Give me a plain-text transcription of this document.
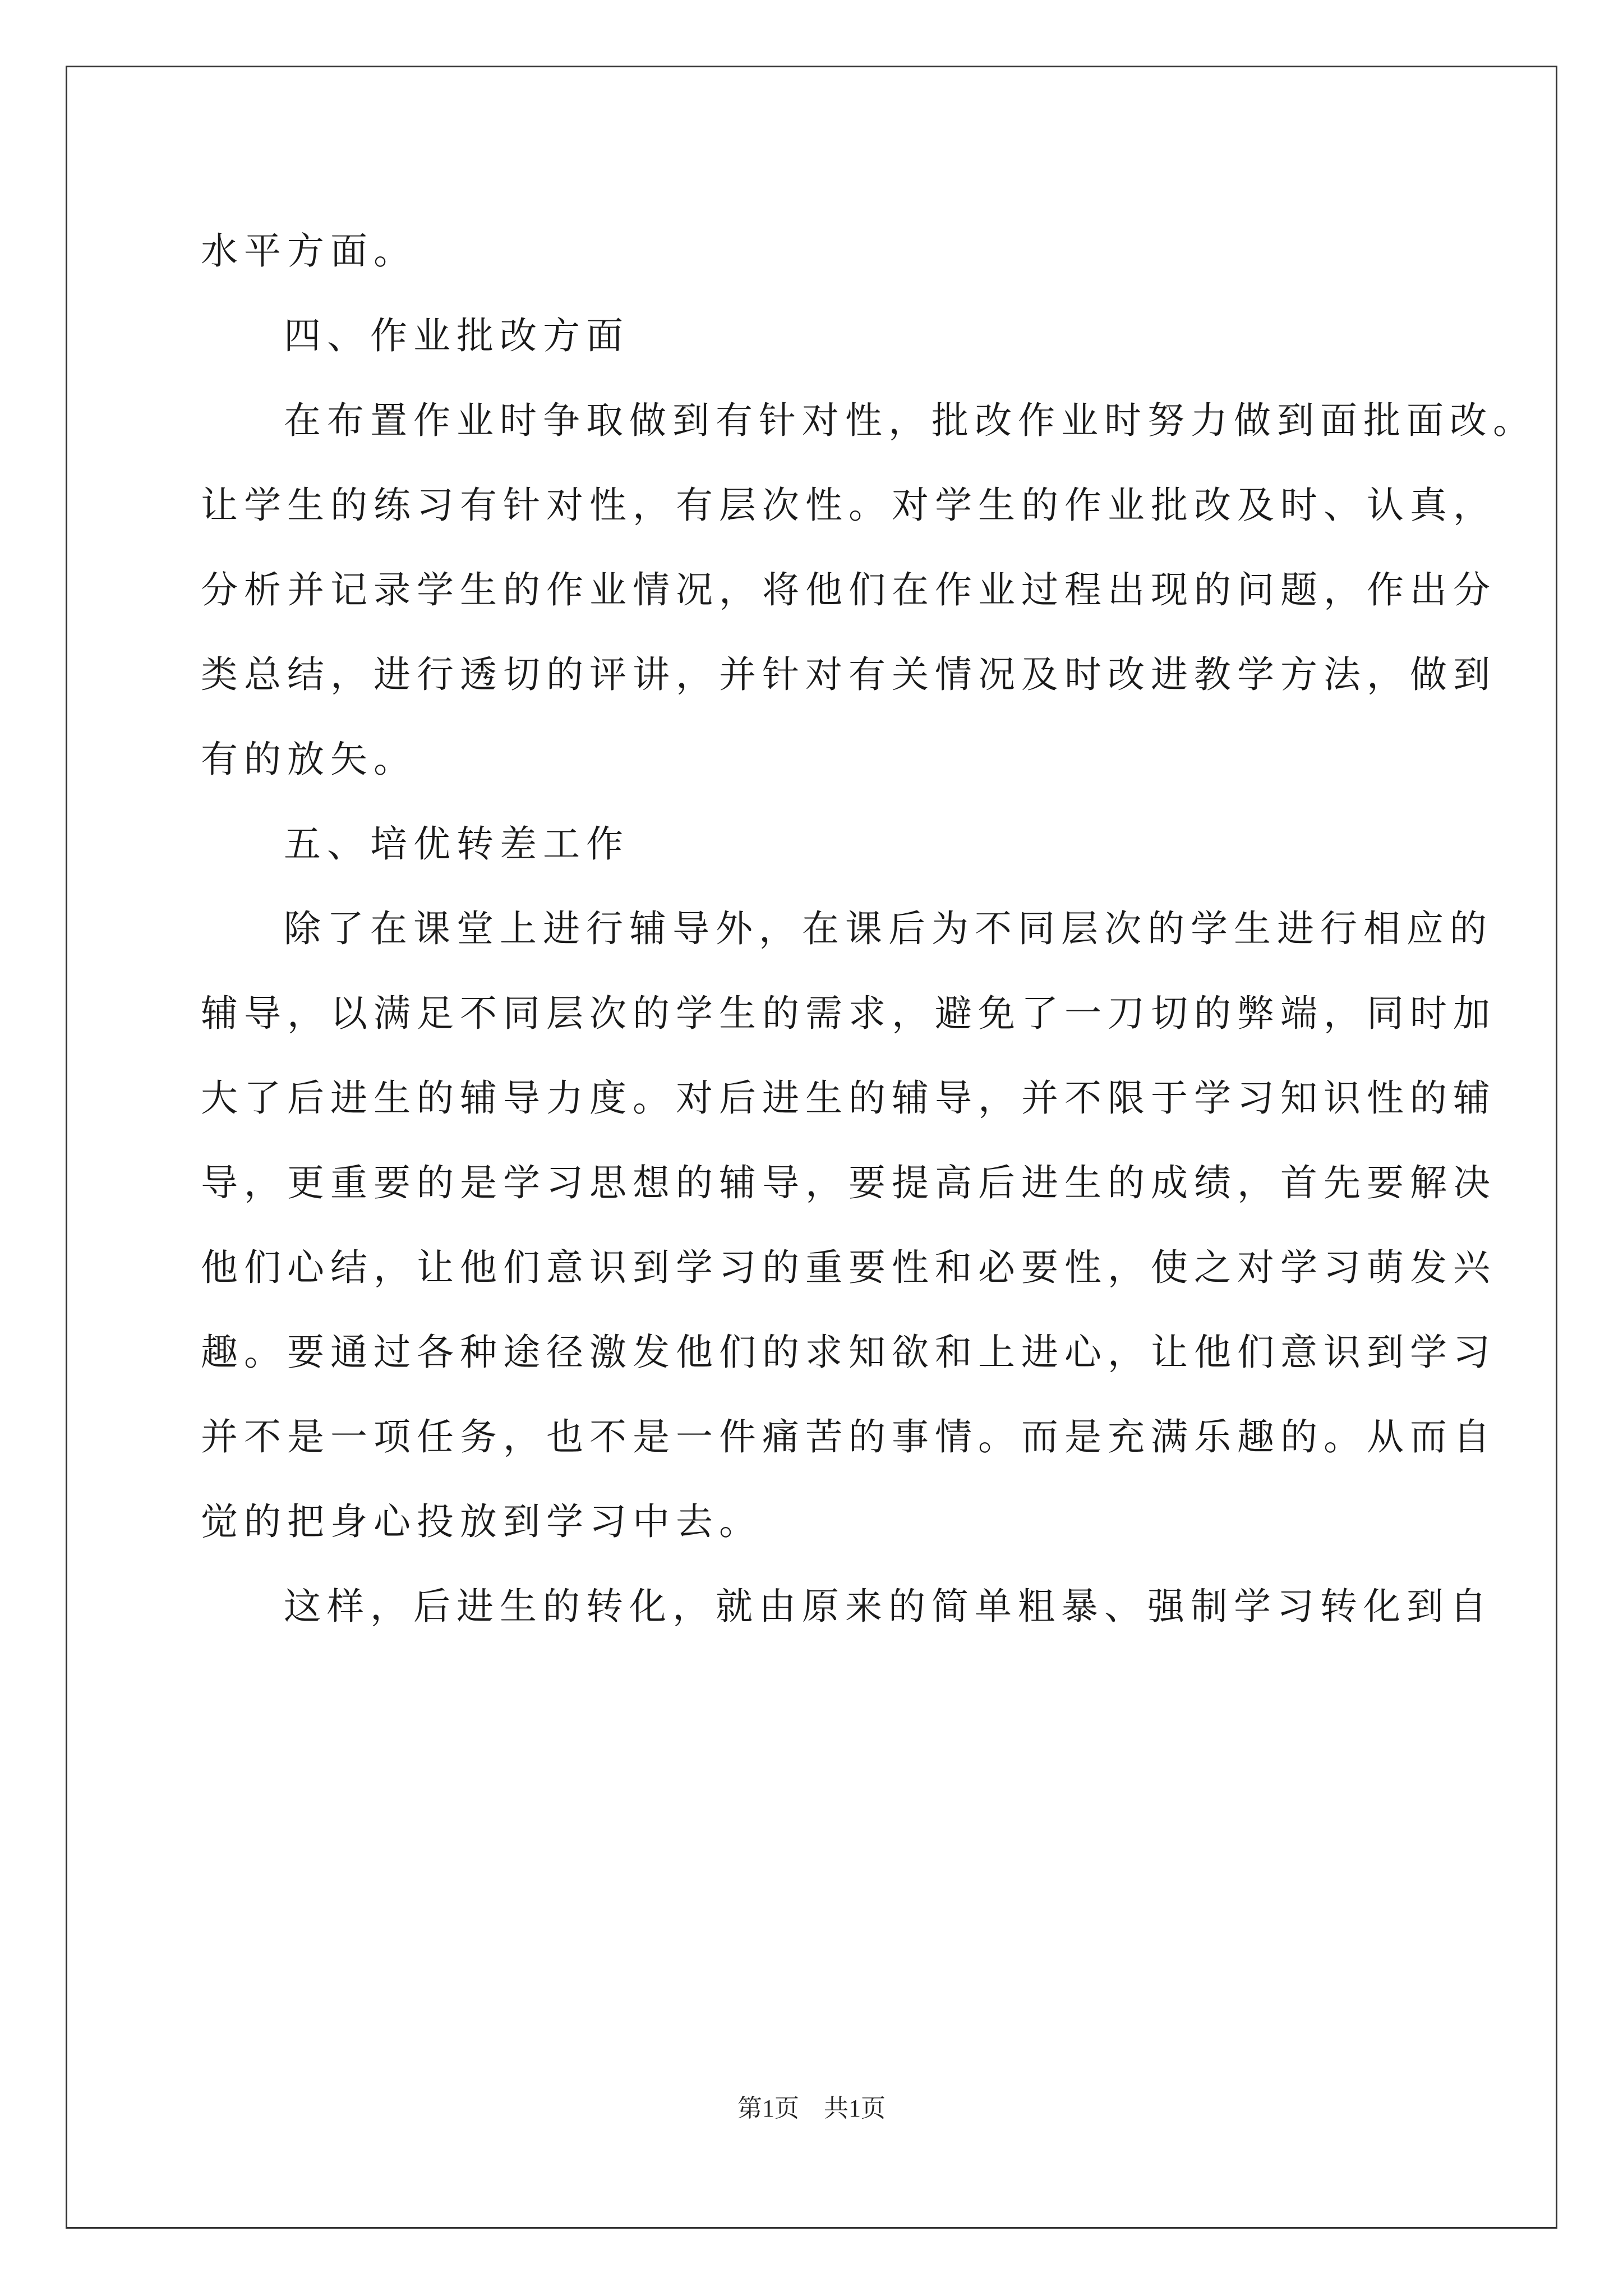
水平方面。
四、作业批改方面
在布置作业时争取做到有针对性，批改作业时努力做到面批面改。
让学生的练习有针对性，有层次性。对学生的作业批改及时、认真，
分析并记录学生的作业情况，将他们在作业过程出现的问题，作出分
类总结，进行透切的评讲，并针对有关情况及时改进教学方法，做到
有的放矢。
五、培优转差工作
除了在课堂上进行辅导外，在课后为不同层次的学生进行相应的
辅导，以满足不同层次的学生的需求，避免了一刀切的弊端，同时加
大了后进生的辅导力度。对后进生的辅导，并不限于学习知识性的辅
导，更重要的是学习思想的辅导，要提高后进生的成绩，首先要解决
他们心结，让他们意识到学习的重要性和必要性，使之对学习萌发兴
趣。要通过各种途径激发他们的求知欲和上进心，让他们意识到学习
并不是一项任务，也不是一件痛苦的事情。而是充满乐趣的。从而自
觉的把身心投放到学习中去。
这样，后进生的转化，就由原来的简单粗暴、强制学习转化到自
第1页　共1页
